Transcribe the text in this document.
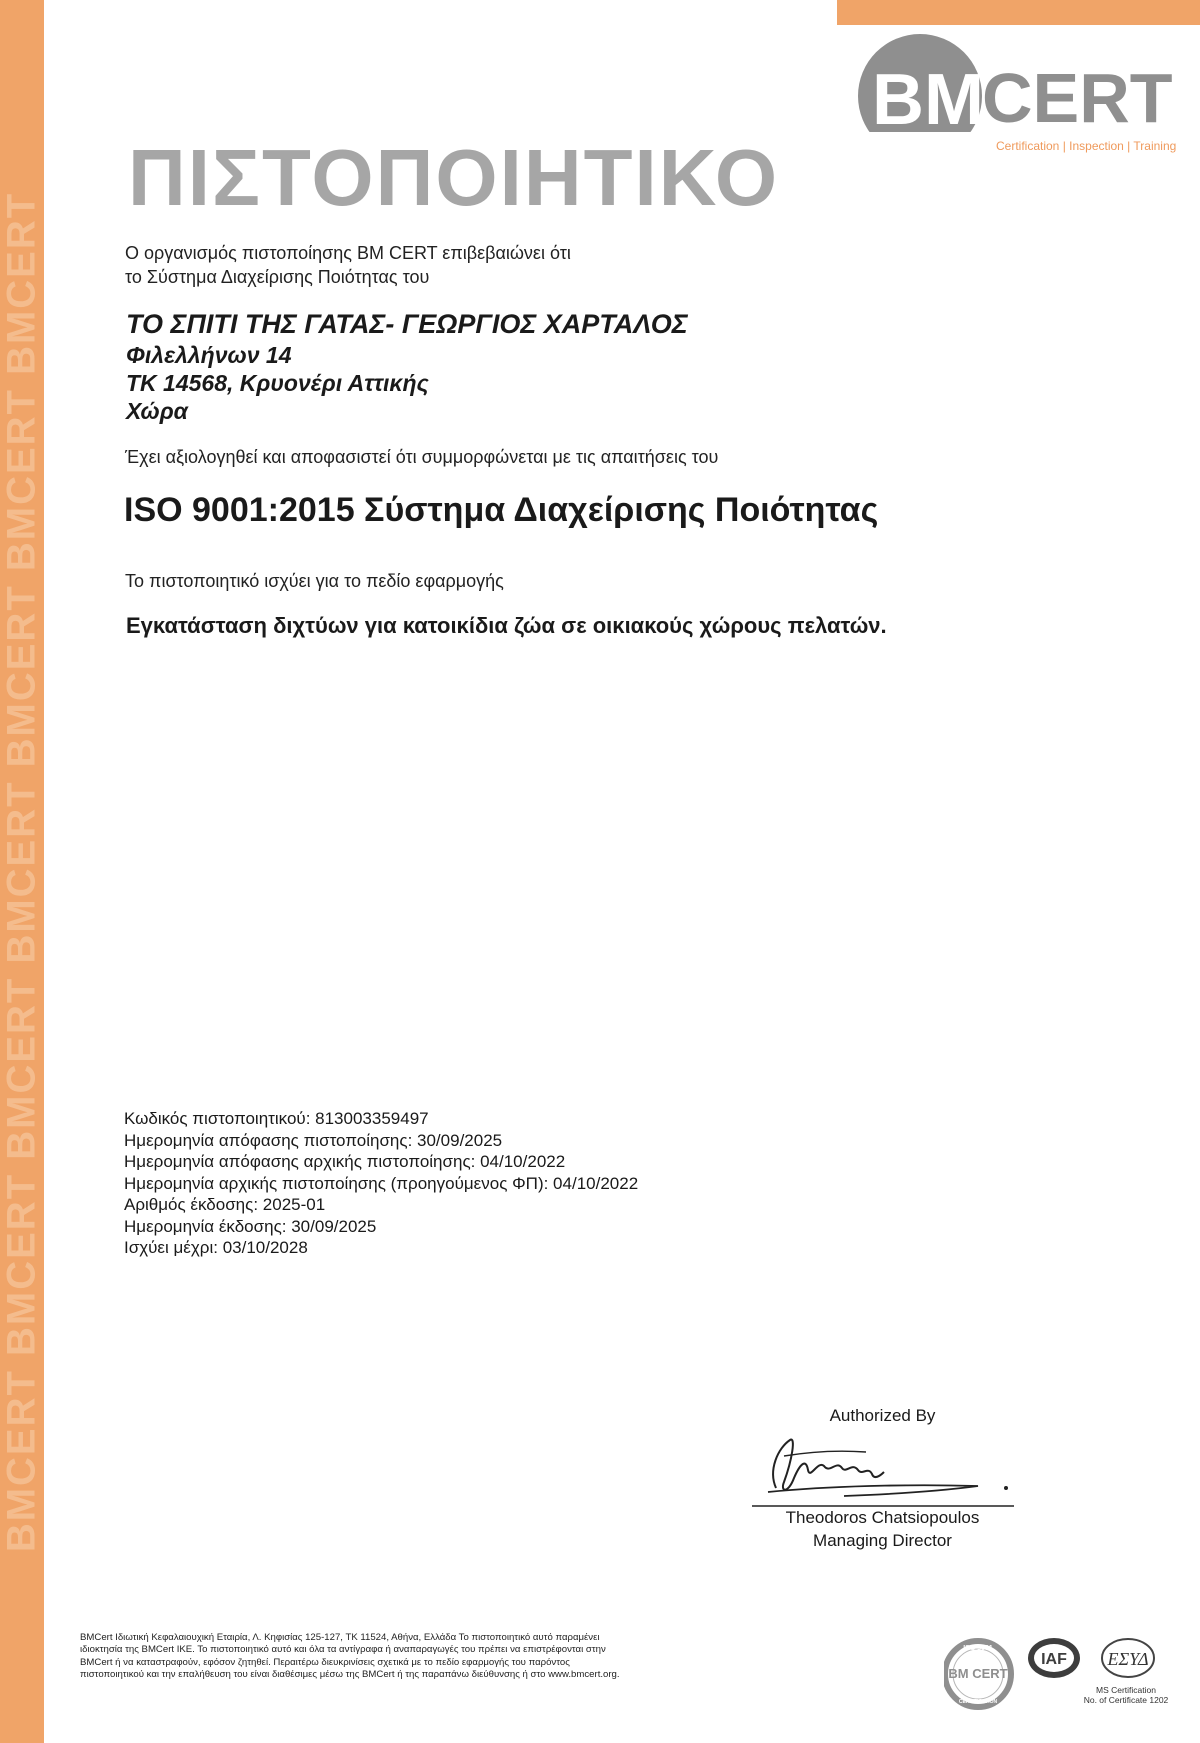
BMCERT BMCERT BMCERT BMCERT BMCERT BMCERT BMCERT
BM
CERT
Certification | Inspection | Training
ΠΙΣΤΟΠΟΙΗΤΙΚΟ
Ο οργανισμός πιστοποίησης BM CERT επιβεβαιώνει ότι
το Σύστημα Διαχείρισης Ποιότητας του
ΤΟ ΣΠΙΤΙ ΤΗΣ ΓΑΤΑΣ- ΓΕΩΡΓΙΟΣ ΧΑΡΤΑΛΟΣ
Φιλελλήνων 14
ΤΚ 14568, Κρυονέρι Αττικής
Χώρα
Έχει αξιολογηθεί και αποφασιστεί ότι συμμορφώνεται με τις απαιτήσεις του
ISO 9001:2015 Σύστημα Διαχείρισης Ποιότητας
Το πιστοποιητικό ισχύει για το πεδίο εφαρμογής
Εγκατάσταση διχτύων για κατοικίδια ζώα σε οικιακούς χώρους πελατών.
Κωδικός πιστοποιητικού: 813003359497
Ημερομηνία απόφασης πιστοποίησης: 30/09/2025
Ημερομηνία απόφασης αρχικής πιστοποίησης: 04/10/2022
Ημερομηνία αρχικής πιστοποίησης (προηγούμενος ΦΠ): 04/10/2022
Αριθμός έκδοσης: 2025-01
Ημερομηνία έκδοσης: 30/09/2025
Ισχύει μέχρι: 03/10/2028
Authorized By
Theodoros Chatsiopoulos
Managing Director
BMCert Ιδιωτική Κεφαλαιουχική Εταιρία, Λ. Κηφισίας 125-127, ΤΚ 11524, Αθήνα, Ελλάδα Το πιστοποιητικό αυτό παραμένει ιδιοκτησία της BMCert ΙΚΕ. Το πιστοποιητικό αυτό και όλα τα αντίγραφα ή αναπαραγωγές του πρέπει να επιστρέφονται στην BMCert ή να καταστραφούν, εφόσον ζητηθεί. Περαιτέρω διευκρινίσεις σχετικά με το πεδίο εφαρμογής του παρόντος πιστοποιητικού και την επαλήθευση του είναι διαθέσιμες μέσω της BMCert ή της παραπάνω διεύθυνσης ή στο www.bmcert.org.
ISO 9001
BM CERT
CERTIFICATION
IAF ΕΣΥΔ
MS Certification
No. of Certificate 1202
